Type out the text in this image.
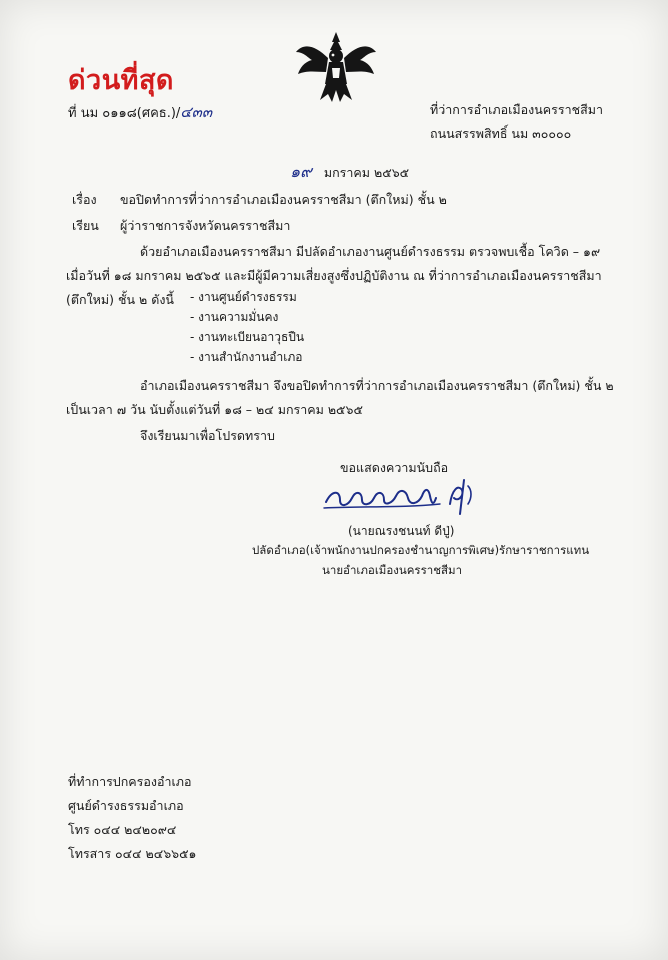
ด่วนที่สุด
ที่ นม ๐๑๑๘(ศคธ.)/๔๓๓	ที่ว่าการอำเภอเมืองนครราชสีมา
ถนนสรรพสิทธิ์ นม ๓๐๐๐๐
๑๙ มกราคม ๒๕๖๕
เรื่อง ขอปิดทำการที่ว่าการอำเภอเมืองนครราชสีมา (ตึกใหม่) ชั้น ๒
เรียน ผู้ว่าราชการจังหวัดนครราชสีมา
ด้วยอำเภอเมืองนครราชสีมา มีปลัดอำเภองานศูนย์ดำรงธรรม ตรวจพบเชื้อ โควิด – ๑๙
เมื่อวันที่ ๑๘ มกราคม ๒๕๖๕ และมีผู้มีความเสี่ยงสูงซึ่งปฏิบัติงาน ณ ที่ว่าการอำเภอเมืองนครราชสีมา
(ตึกใหม่) ชั้น ๒ ดังนี้ - งานศูนย์ดำรงธรรม
- งานความมั่นคง
- งานทะเบียนอาวุธปืน
- งานสำนักงานอำเภอ
อำเภอเมืองนครราชสีมา จึงขอปิดทำการที่ว่าการอำเภอเมืองนครราชสีมา (ตึกใหม่) ชั้น ๒
เป็นเวลา ๗ วัน นับตั้งแต่วันที่ ๑๘ – ๒๔ มกราคม ๒๕๖๕
จึงเรียนมาเพื่อโปรดทราบ
ขอแสดงความนับถือ
(นายณรงชนนท์ ดีปู่)
ปลัดอำเภอ(เจ้าพนักงานปกครองชำนาญการพิเศษ)รักษาราชการแทน
นายอำเภอเมืองนครราชสีมา
ที่ทำการปกครองอำเภอ
ศูนย์ดำรงธรรมอำเภอ
โทร ๐๔๔ ๒๔๒๐๙๔
โทรสาร ๐๔๔ ๒๔๖๖๕๑
